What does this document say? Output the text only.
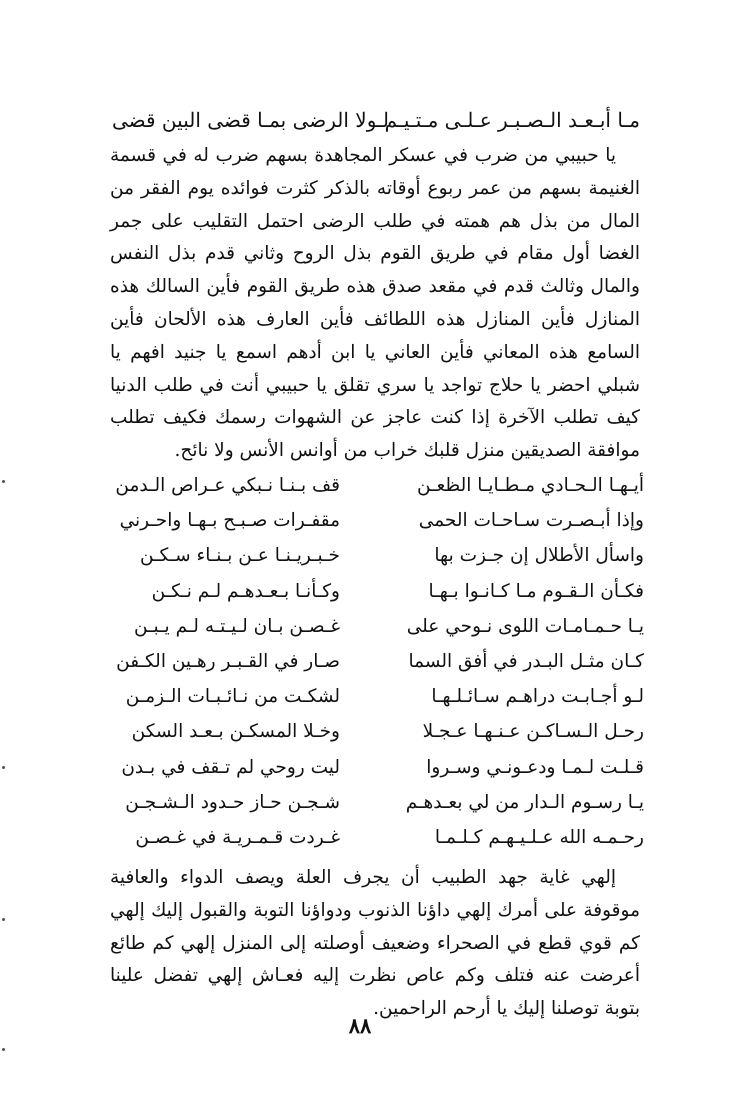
مـا أبـعـد الـصـبـر عـلـى مـتـيـم
لـولا الرضى بمـا قضى البين قضى

يا حبيبي من ضرب في عسكر المجاهدة بسهم ضرب له في قسمة الغنيمة بسهم من عمر ربوع أوقاته بالذكر كثرت فوائده يوم الفقر من المال من بذل هم همته في طلب الرضى احتمل التقليب على جمر الغضا أول مقام في طريق القوم بذل الروح وثاني قدم بذل النفس والمال وثالث قدم في مقعد صدق هذه طريق القوم فأين السالك هذه المنازل فأين المنازل هذه اللطائف فأين العارف هذه الألحان فأين السامع هذه المعاني فأين العاني يا ابن أدهم اسمع يا جنيد افهم يا شبلي احضر يا حلاج تواجد يا سري تقلق يا حبيبي أنت في طلب الدنيا كيف تطلب الآخرة إذا كنت عاجز عن الشهوات رسمك فكيف تطلب موافقة الصديقين منزل قلبك خراب من أوانس الأنس ولا نائح.

أيـهـا الـحـادي مـطـايـا الظعـن
قف بـنـا نـبكي عـراص الـدمن
وإذا أبـصـرت سـاحـات الحمى
مقفـرات صـبـح بـهـا واحـرني
واسأل الأطلال إن جـزت بها
خـبـريـنـا عـن بـنـاء سـكـن
فكـأن الـقـوم مـا كـانـوا بـهـا
وكـأنـا بـعـدهـم لـم نـكـن
يـا حـمـامـات اللوى نـوحي على
غـصـن بـان لـيـتـه لـم يـبـن
كـان مثـل البـدر في أفق السما
صـار في القـبـر رهـين الكـفن
لـو أجـابـت دراهـم سـائـلـهـا
لشكـت من نـائـبـات الـزمـن
رحـل الـسـاكـن عـنـهـا عـجـلا
وخـلا المسكـن بـعـد السكن
قـلـت لـمـا ودعـونـي وسـروا
ليت روحي لم تـقف في بـدن
يـا رسـوم الـدار من لي بعـدهـم
شـجـن حـاز حـدود الـشـجـن
رحـمـه الله عـلـيـهـم كـلـمـا
غـردت قـمـريـة في غـصـن

إلهي غاية جهد الطبيب أن يجرف العلة ويصف الدواء والعافية موقوفة على أمرك إلهي داؤنا الذنوب ودواؤنا التوبة والقبول إليك إلهي كم قوي قطع في الصحراء وضعيف أوصلته إلى المنزل إلهي كم طائع أعرضت عنه فتلف وكم عاص نظرت إليه فعـاش إلهي تفضل علينا بتوبة توصلنا إليك يا أرحم الراحمين.

٨٨
